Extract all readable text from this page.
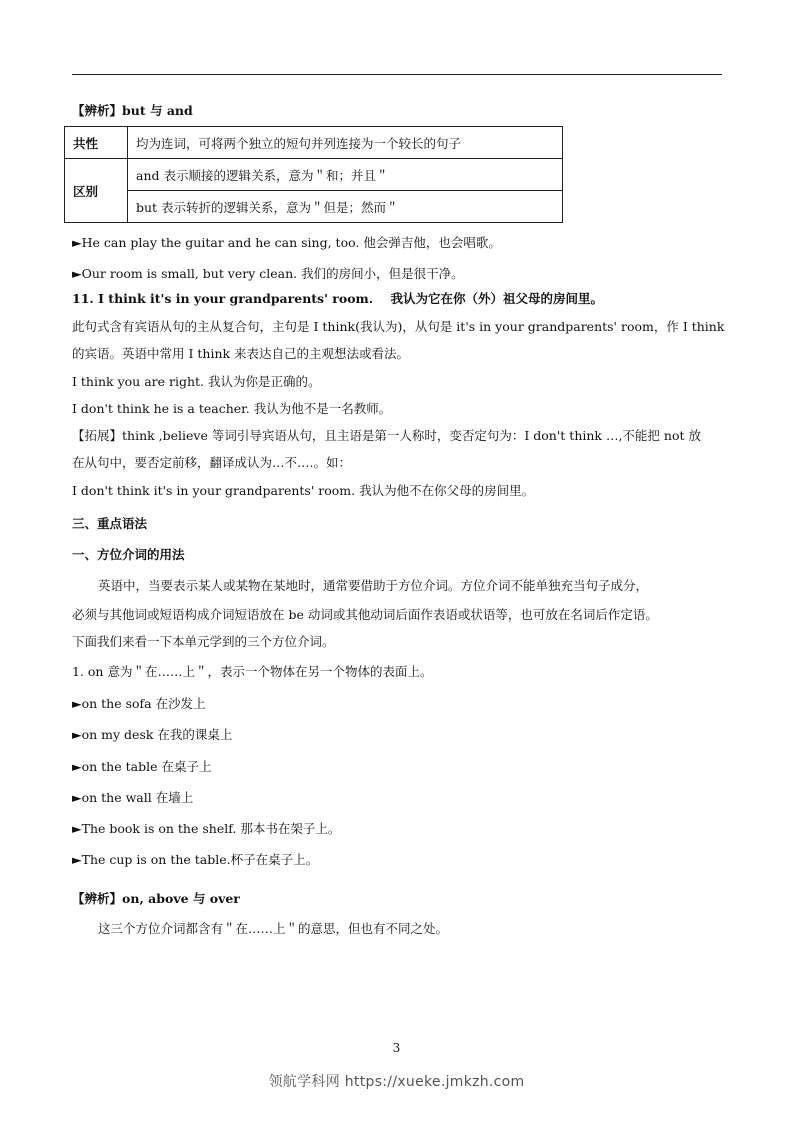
【辨析】but 与 and
共性	均为连词，可将两个独立的短句并列连接为一个较长的句子
区别	and 表示顺接的逻辑关系，意为＂和；并且＂
	but 表示转折的逻辑关系，意为＂但是；然而＂
►He can play the guitar and he can sing, too. 他会弹吉他，也会唱歌。
►Our room is small, but very clean. 我们的房间小，但是很干净。
11. I think it's in your grandparents' room. 我认为它在你（外）祖父母的房间里。
此句式含有宾语从句的主从复合句，主句是 I think(我认为)，从句是 it's in your grandparents' room，作 I think
的宾语。英语中常用 I think 来表达自己的主观想法或看法。
I think you are right. 我认为你是正确的。
I don't think he is a teacher. 我认为他不是一名教师。
【拓展】think ,believe 等词引导宾语从句，且主语是第一人称时，变否定句为：I don't think …,不能把 not 放
在从句中，要否定前移，翻译成认为…不….。如：
I don't think it's in your grandparents' room. 我认为他不在你父母的房间里。
三、重点语法
一、方位介词的用法
英语中，当要表示某人或某物在某地时，通常要借助于方位介词。方位介词不能单独充当句子成分，
必须与其他词或短语构成介词短语放在 be 动词或其他动词后面作表语或状语等，也可放在名词后作定语。
下面我们来看一下本单元学到的三个方位介词。
1. on 意为＂在……上＂，表示一个物体在另一个物体的表面上。
►on the sofa 在沙发上
►on my desk 在我的课桌上
►on the table 在桌子上
►on the wall 在墙上
►The book is on the shelf. 那本书在架子上。
►The cup is on the table.杯子在桌子上。
【辨析】on, above 与 over
这三个方位介词都含有＂在……上＂的意思，但也有不同之处。
3
领航学科网 https://xueke.jmkzh.com
